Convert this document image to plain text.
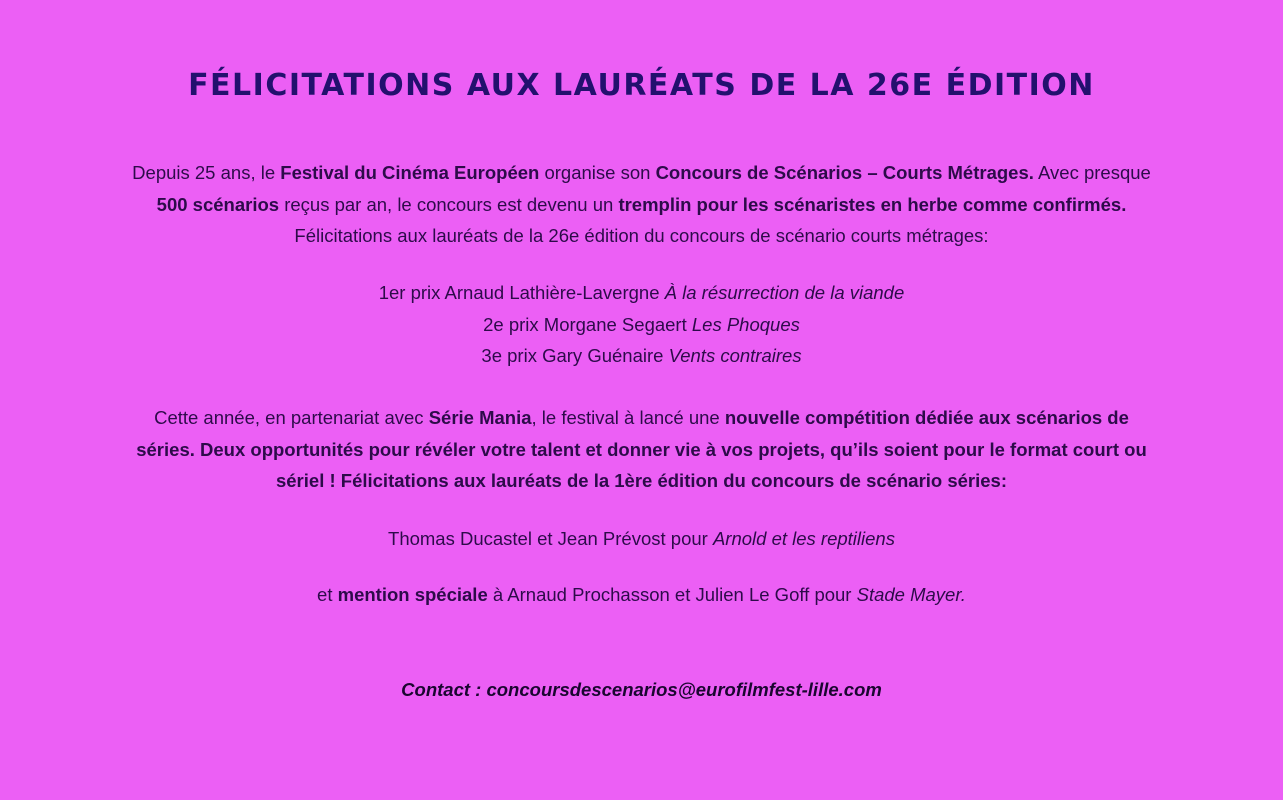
FÉLICITATIONS AUX LAURÉATS DE LA 26E ÉDITION

Depuis 25 ans, le Festival du Cinéma Européen organise son Concours de Scénarios – Courts Métrages. Avec presque 500 scénarios reçus par an, le concours est devenu un tremplin pour les scénaristes en herbe comme confirmés. Félicitations aux lauréats de la 26e édition du concours de scénario courts métrages:

1er prix Arnaud Lathière-Lavergne À la résurrection de la viande
2e prix Morgane Segaert Les Phoques
3e prix Gary Guénaire Vents contraires

Cette année, en partenariat avec Série Mania, le festival à lancé une nouvelle compétition dédiée aux scénarios de séries. Deux opportunités pour révéler votre talent et donner vie à vos projets, qu’ils soient pour le format court ou sériel ! Félicitations aux lauréats de la 1ère édition du concours de scénario séries:

Thomas Ducastel et Jean Prévost pour Arnold et les reptiliens

et mention spéciale à Arnaud Prochasson et Julien Le Goff pour Stade Mayer.

Contact : concoursdescenarios@eurofilmfest-lille.com
